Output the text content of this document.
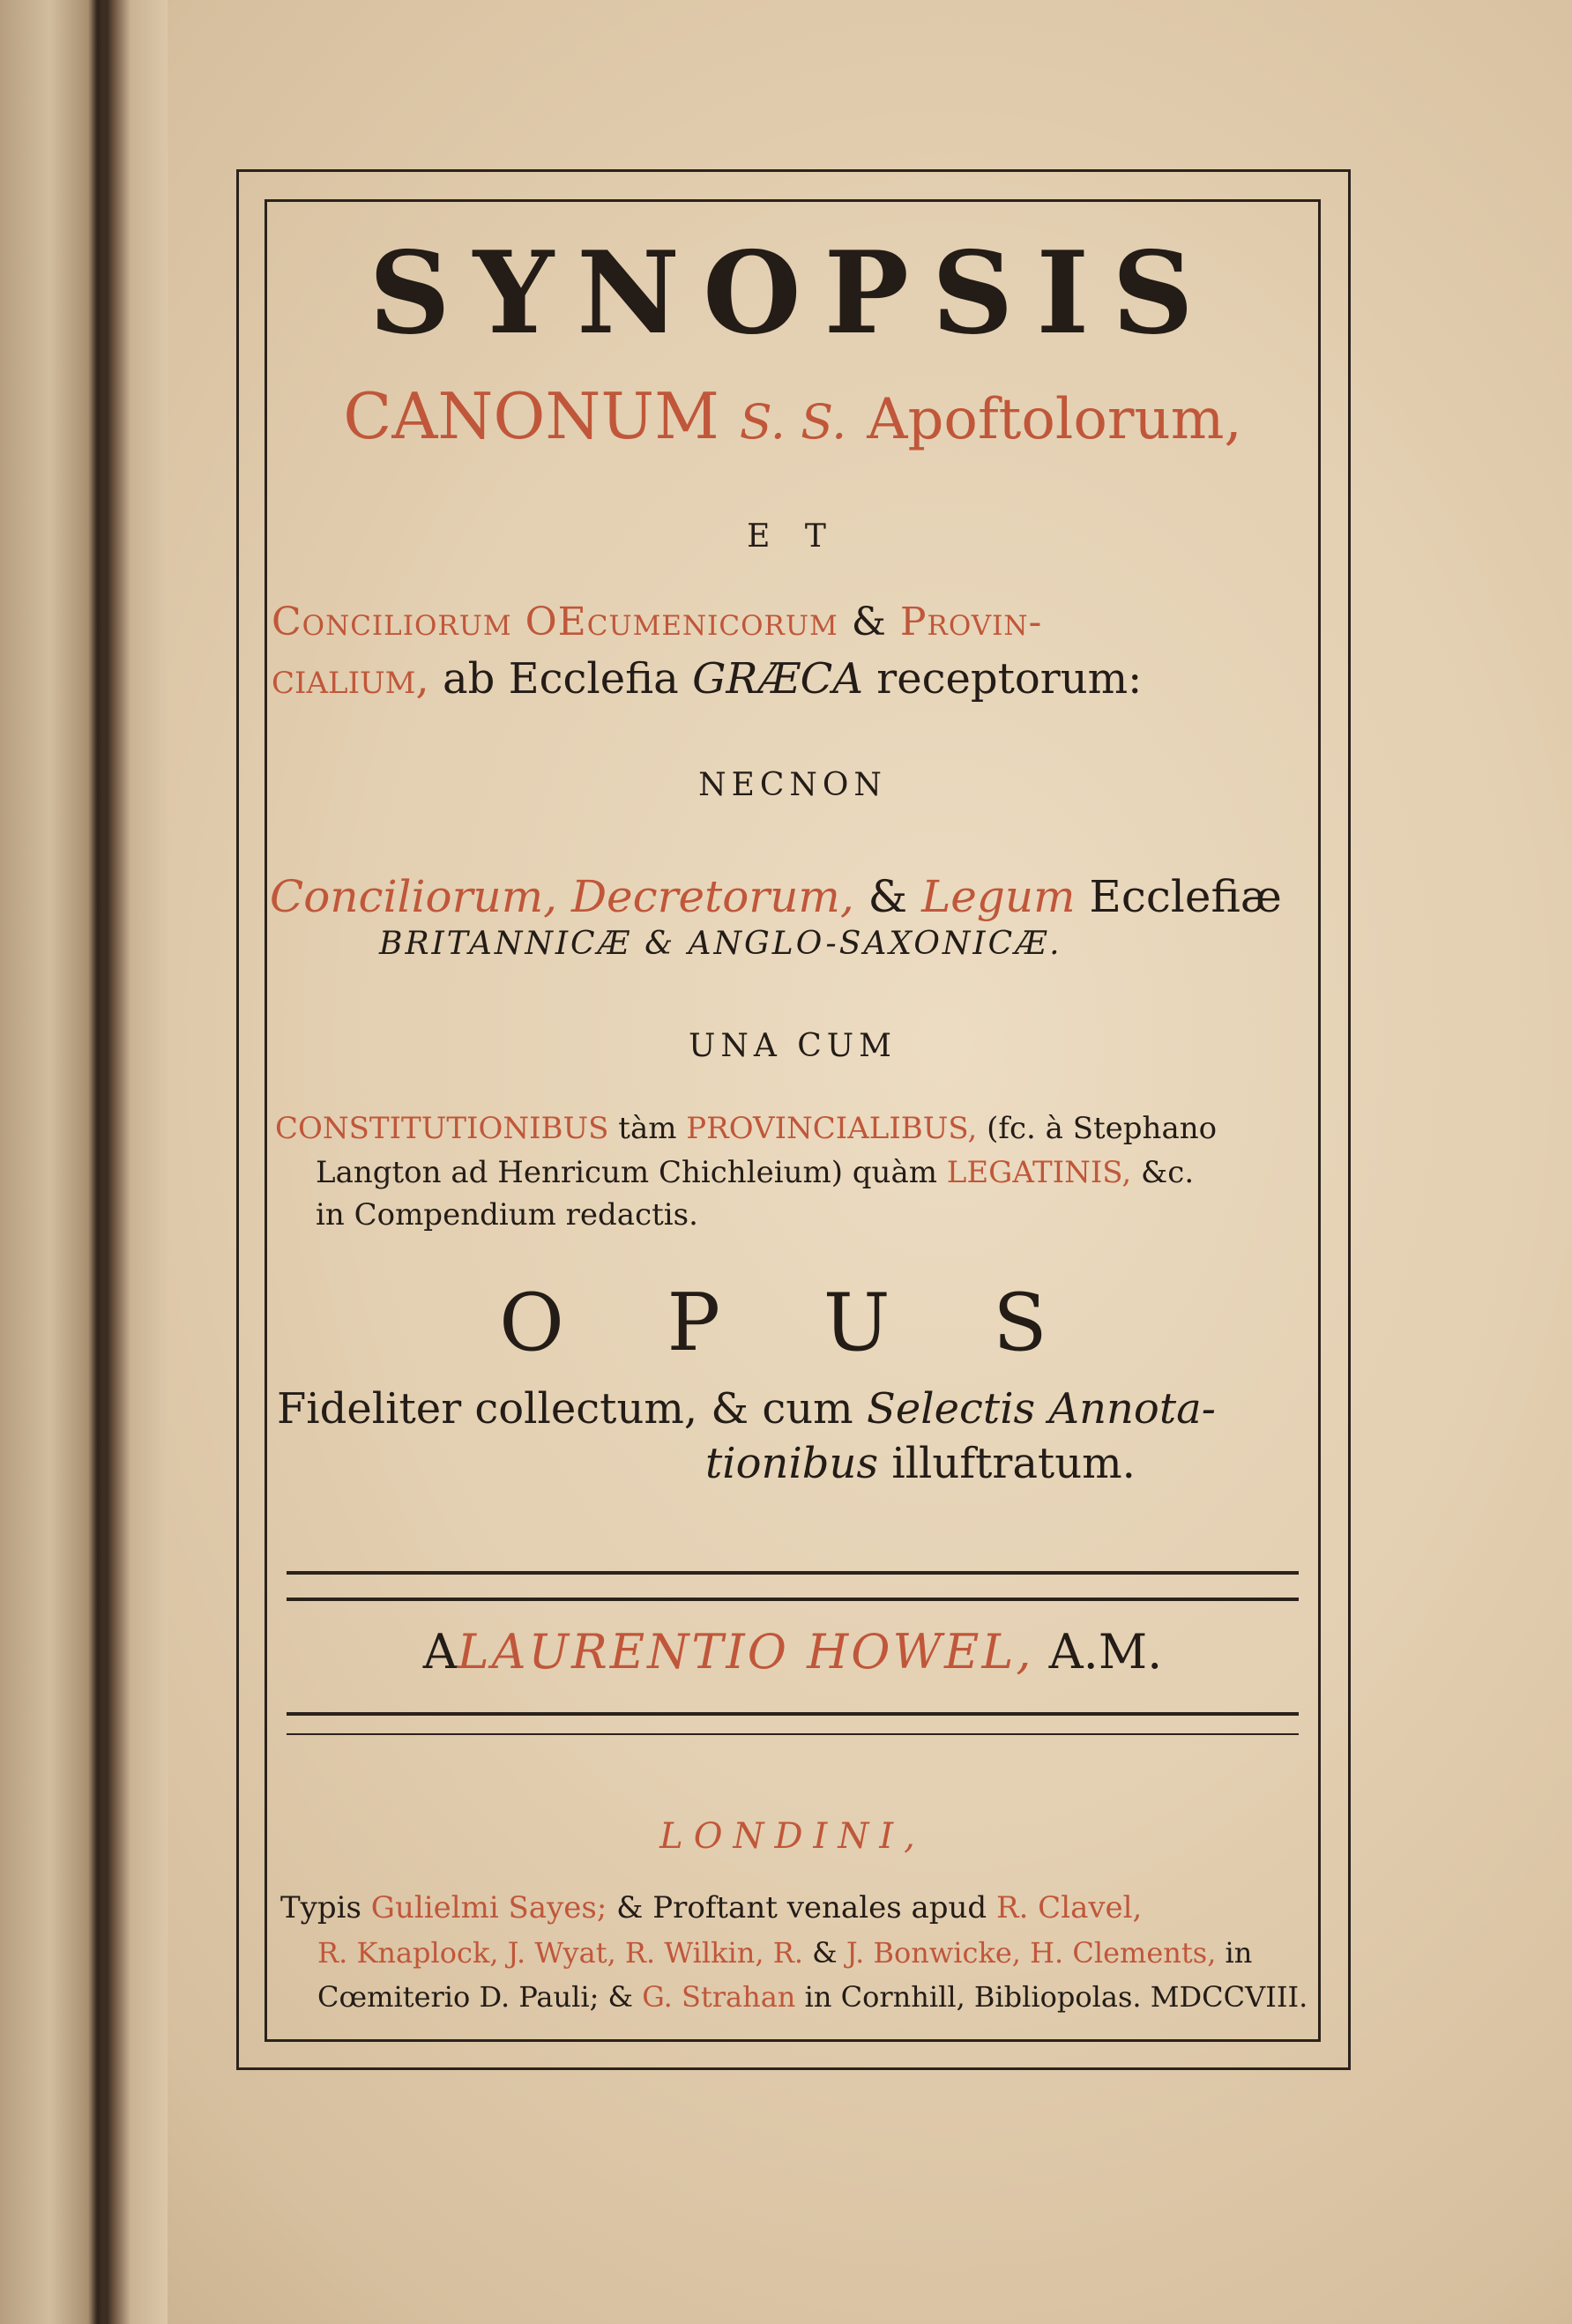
SYNOPSIS
CANONUM S. S. Apoftolorum,
E T
Conciliorum OEcumenicorum & Provin-
cialium, ab Ecclefia GRÆCA receptorum:
NECNON
Conciliorum, Decretorum, & Legum Ecclefiæ
BRITANNICÆ & ANGLO-SAXONICÆ.
UNA CUM
CONSTITUTIONIBUS tàm PROVINCIALIBUS, (fc. à Stephano
Langton ad Henricum Chichleium) quàm LEGATINIS, &c.
in Compendium redactis.
O P U S
Fideliter collectum, & cum Selectis Annota-
tionibus illuftratum.
ALAURENTIO HOWEL, A.M.
LONDINI,
Typis Gulielmi Sayes; & Proftant venales apud R. Clavel,
R. Knaplock, J. Wyat, R. Wilkin, R. & J. Bonwicke, H. Clements, in
Cœmiterio D. Pauli; & G. Strahan in Cornhill, Bibliopolas. MDCCVIII.
